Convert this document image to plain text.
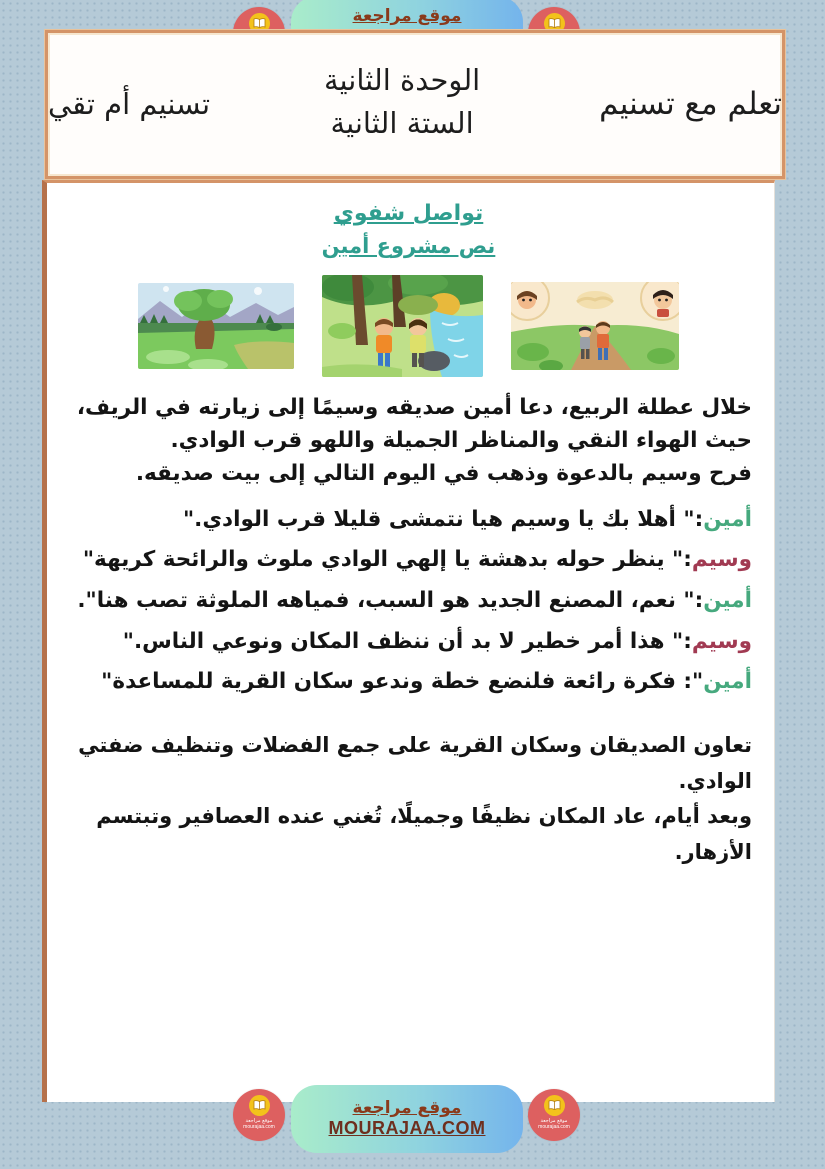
موقع مراجعة
تسنيم أم تقي
الوحدة الثانية
الستة الثانية
تعلم مع تسنيم
تواصل شفوي
نص مشروع أمين

خلال عطلة الربيع، دعا أمين صديقه وسيمًا إلى زيارته في الريف، حيث الهواء النقي والمناظر الجميلة واللهو قرب الوادي.

فرح وسيم بالدعوة وذهب في اليوم التالي إلى بيت صديقه.

أمين:" أهلا بك يا وسيم هيا نتمشى قليلا قرب الوادي."

وسيم:" ينظر حوله بدهشة يا إلهي الوادي ملوث والرائحة كريهة"

أمين:" نعم، المصنع الجديد هو السبب، فمياهه الملوثة تصب هنا".

وسيم:" هذا أمر خطير لا بد أن ننظف المكان ونوعي الناس."

أمين": فكرة رائعة فلنضع خطة وندعو سكان القرية للمساعدة"

تعاون الصديقان وسكان القرية على جمع الفضلات وتنظيف ضفتي الوادي.

وبعد أيام، عاد المكان نظيفًا وجميلًا، تُغني عنده العصافير وتبتسم الأزهار.

موقع مراجعة
mourajaa.com
موقع مراجعة
MOURAJAA.COM	موقع مراجعة
mourajaa.com
